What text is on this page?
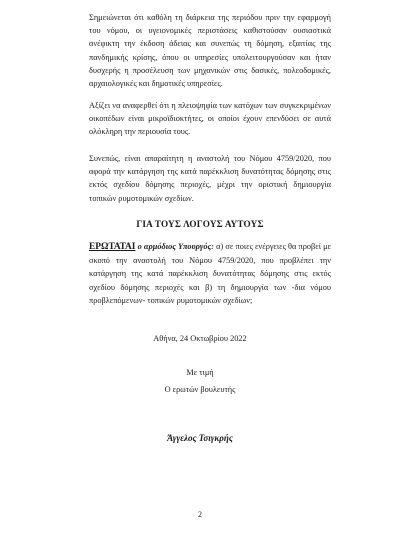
Σημειώνεται ότι καθόλη τη διάρκεια της περιόδου πριν την εφαρμογή του νόμου, οι υγειονομικές περιστάσεις καθιστούσαν ουσιαστικά ανέφικτη την έκδοση άδειας και συνεπώς τη δόμηση, εξαιτίας της πανδημικής κρίσης, όπου οι υπηρεσίες υπολειτουργούσαν και ήταν δυσχερής η προσέλευση των μηχανικών στις δασικές, πολεοδομικές, αρχαιολογικές και δημοτικές υπηρεσίες.

Αξίζει να αναφερθεί ότι η πλειοψηφία των κατόχων των συγκεκριμένων οικοπέδων είναι μικροϊδιοκτήτες, οι οποίοι έχουν επενδύσει σε αυτά ολόκληρη την περιουσία τους.

Συνεπώς, είναι απαραίτητη η αναστολή του Νόμου 4759/2020, που αφορά την κατάργηση της κατά παρέκκλιση δυνατότητας δόμησης στις εκτός σχεδίου δόμησης περιοχές, μέχρι την οριστική δημιουργία τοπικών ρυμοτομικών σχεδίων.

ΓΙΑ ΤΟΥΣ ΛΟΓΟΥΣ ΑΥΤΟΥΣ

ΕΡΩΤΑΤΑΙ ο αρμόδιος Υπουργός: α) σε ποιες ενέργειες θα προβεί με σκοπό την αναστολή του Νόμου 4759/2020, που προβλέπει την κατάργηση της κατά παρέκκλιση δυνατότητας δόμησης στις εκτός σχεδίου δόμησης περιοχές και β) τη δημιουργία των -δια νόμου προβλεπόμενων- τοπικών ρυμοτομικών σχεδίων;

Αθήνα, 24 Οκτωβρίου 2022
Με τιμή
Ο ερωτών βουλευτής
Άγγελος Τσιγκρής
2
